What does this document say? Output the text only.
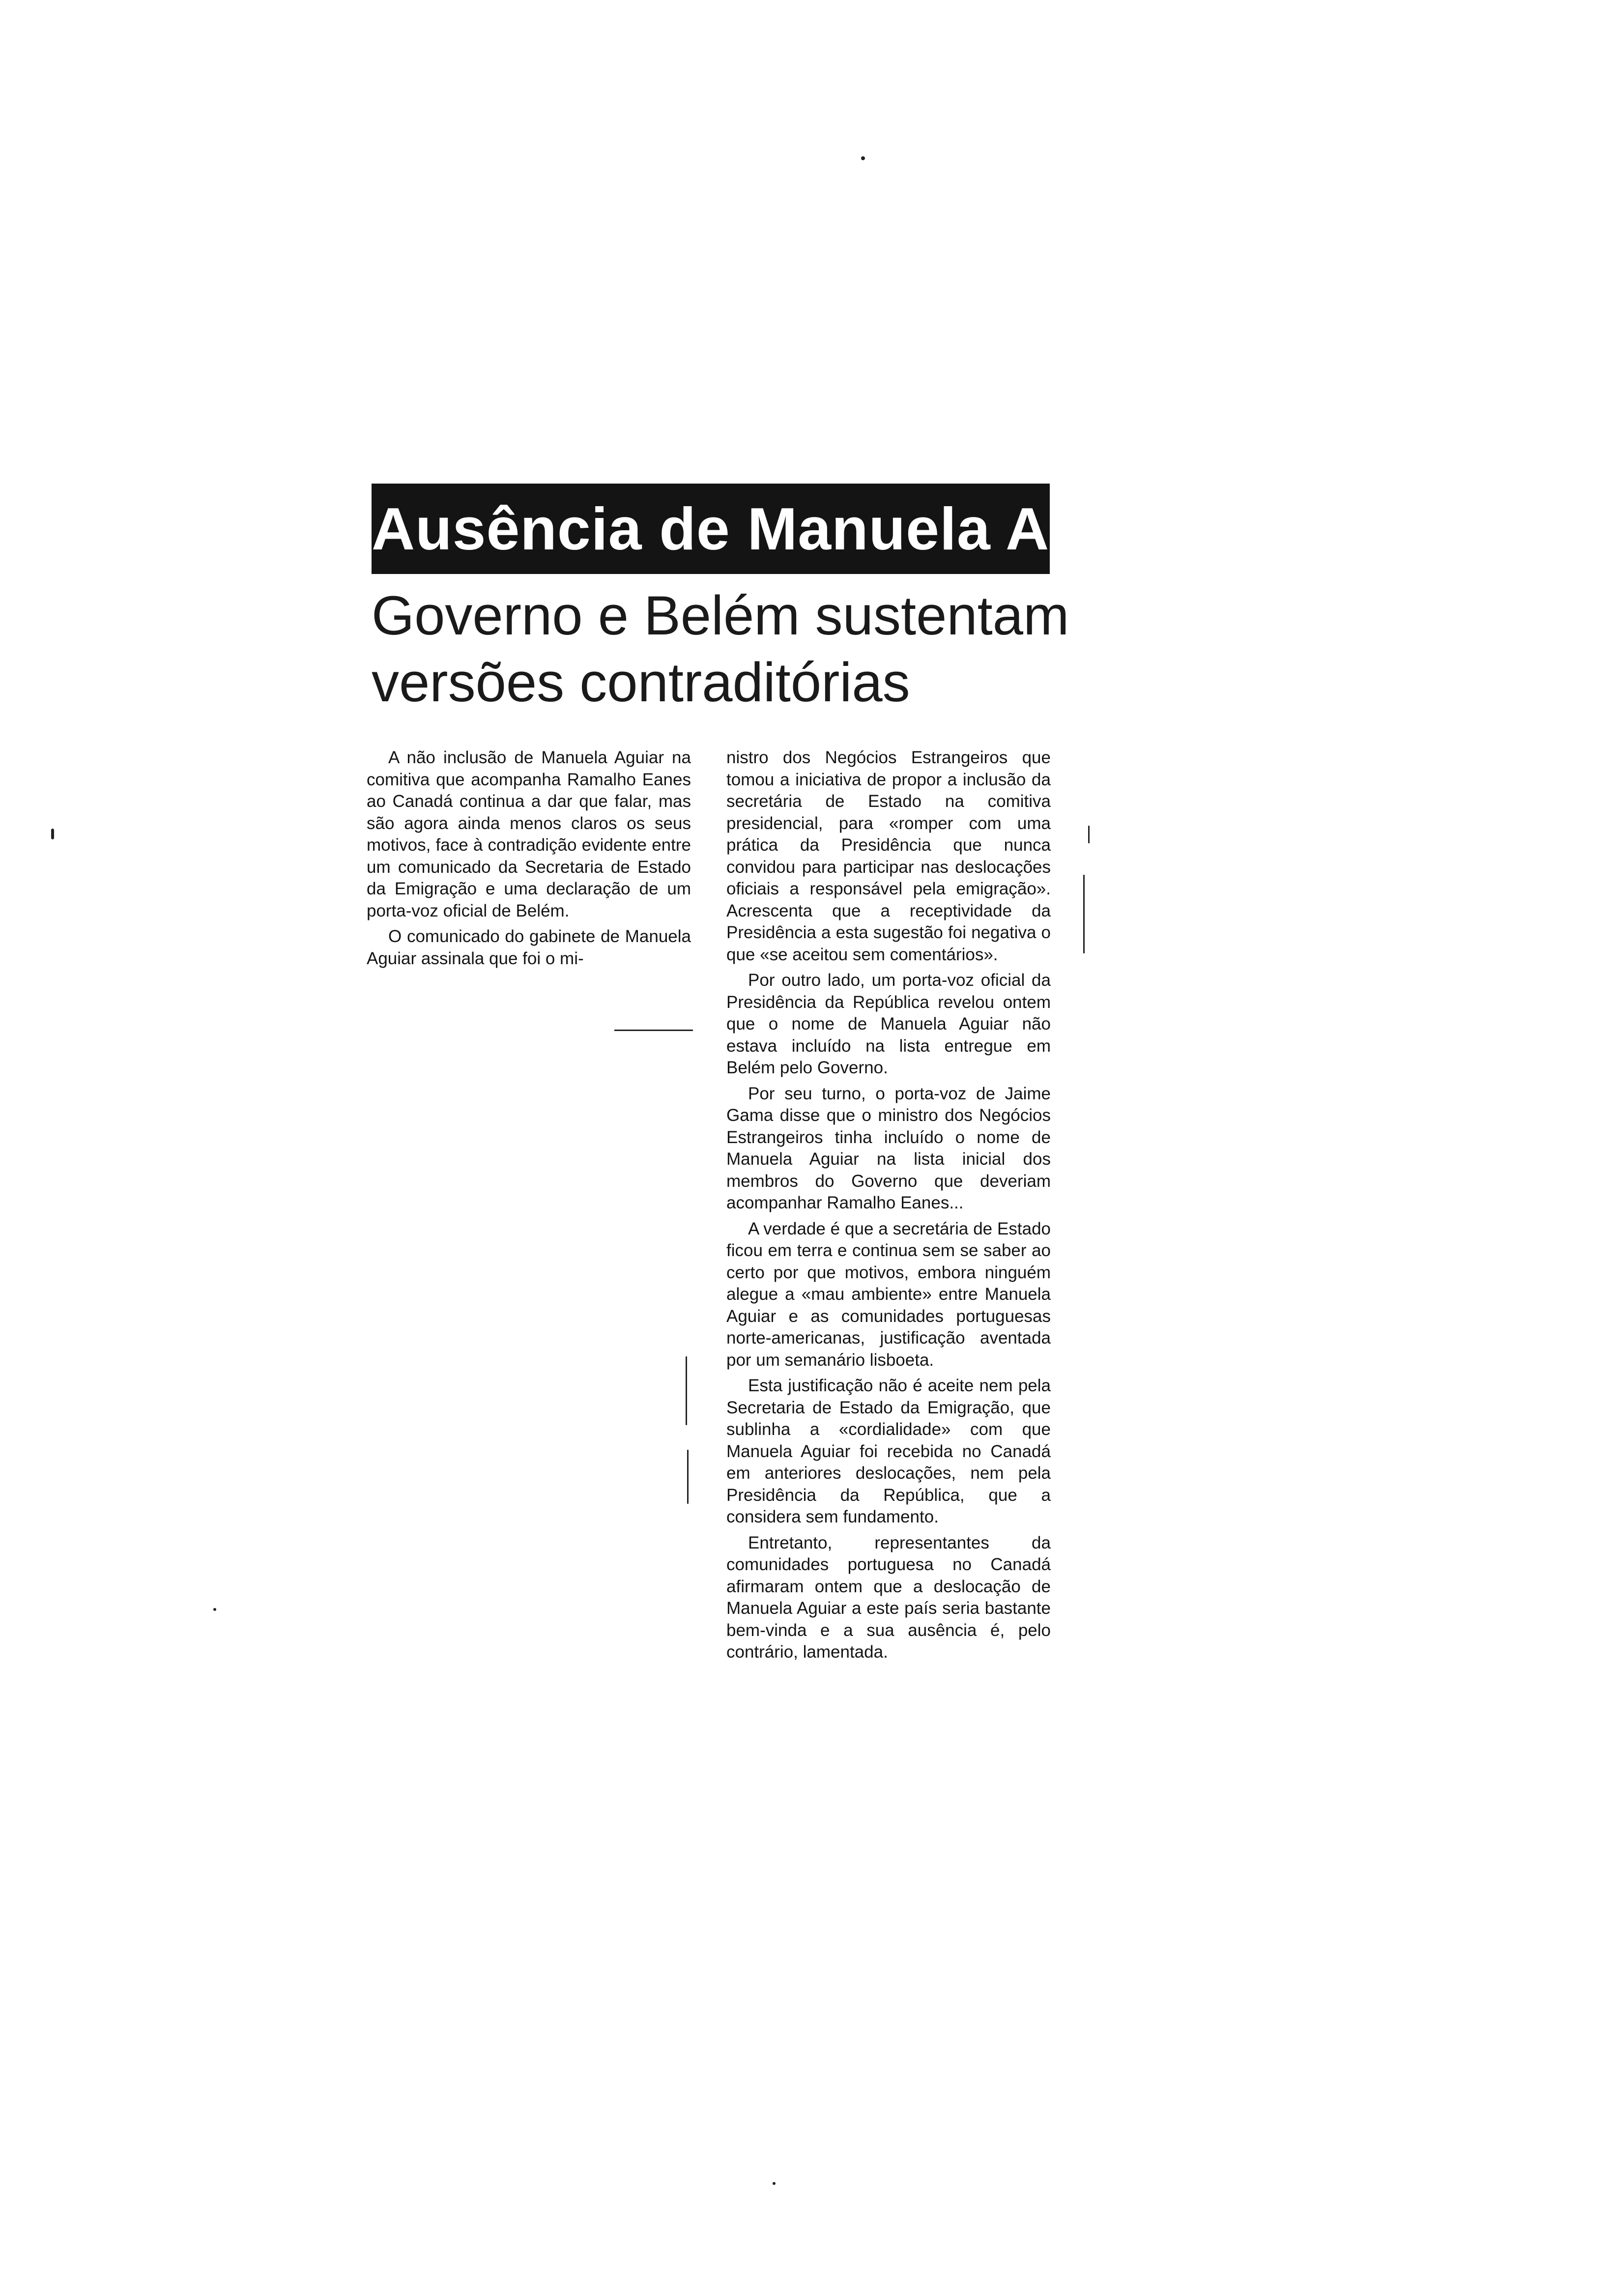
Ausência de Manuela Aguiar
Governo e Belém sustentam
versões contraditórias

A não inclusão de Manuela Aguiar na comitiva que acompanha Ramalho Eanes ao Canadá continua a dar que falar, mas são agora ainda menos claros os seus motivos, face à contradição evidente entre um comunicado da Secretaria de Estado da Emigração e uma declaração de um porta-voz oficial de Belém.

O comunicado do gabinete de Manuela Aguiar assinala que foi o mi-

nistro dos Negócios Estrangeiros que tomou a iniciativa de propor a inclusão da secretária de Estado na comitiva presidencial, para «romper com uma prática da Presidência que nunca convidou para participar nas deslocações oficiais a responsável pela emigração». Acrescenta que a receptividade da Presidência a esta sugestão foi negativa o que «se aceitou sem comentários».

Por outro lado, um porta-voz oficial da Presidência da República revelou ontem que o nome de Manuela Aguiar não estava incluído na lista entregue em Belém pelo Governo.

Por seu turno, o porta-voz de Jaime Gama disse que o ministro dos Negócios Estrangeiros tinha incluído o nome de Manuela Aguiar na lista inicial dos membros do Governo que deveriam acompanhar Ramalho Eanes...

A verdade é que a secretária de Estado ficou em terra e continua sem se saber ao certo por que motivos, embora ninguém alegue a «mau ambiente» entre Manuela Aguiar e as comunidades portuguesas norte-americanas, justificação aventada por um semanário lisboeta.

Esta justificação não é aceite nem pela Secretaria de Estado da Emigração, que sublinha a «cordialidade» com que Manuela Aguiar foi recebida no Canadá em anteriores deslocações, nem pela Presidência da República, que a considera sem fundamento.

Entretanto, representantes da comunidades portuguesa no Canadá afirmaram ontem que a deslocação de Manuela Aguiar a este país seria bastante bem-vinda e a sua ausência é, pelo contrário, lamentada.
